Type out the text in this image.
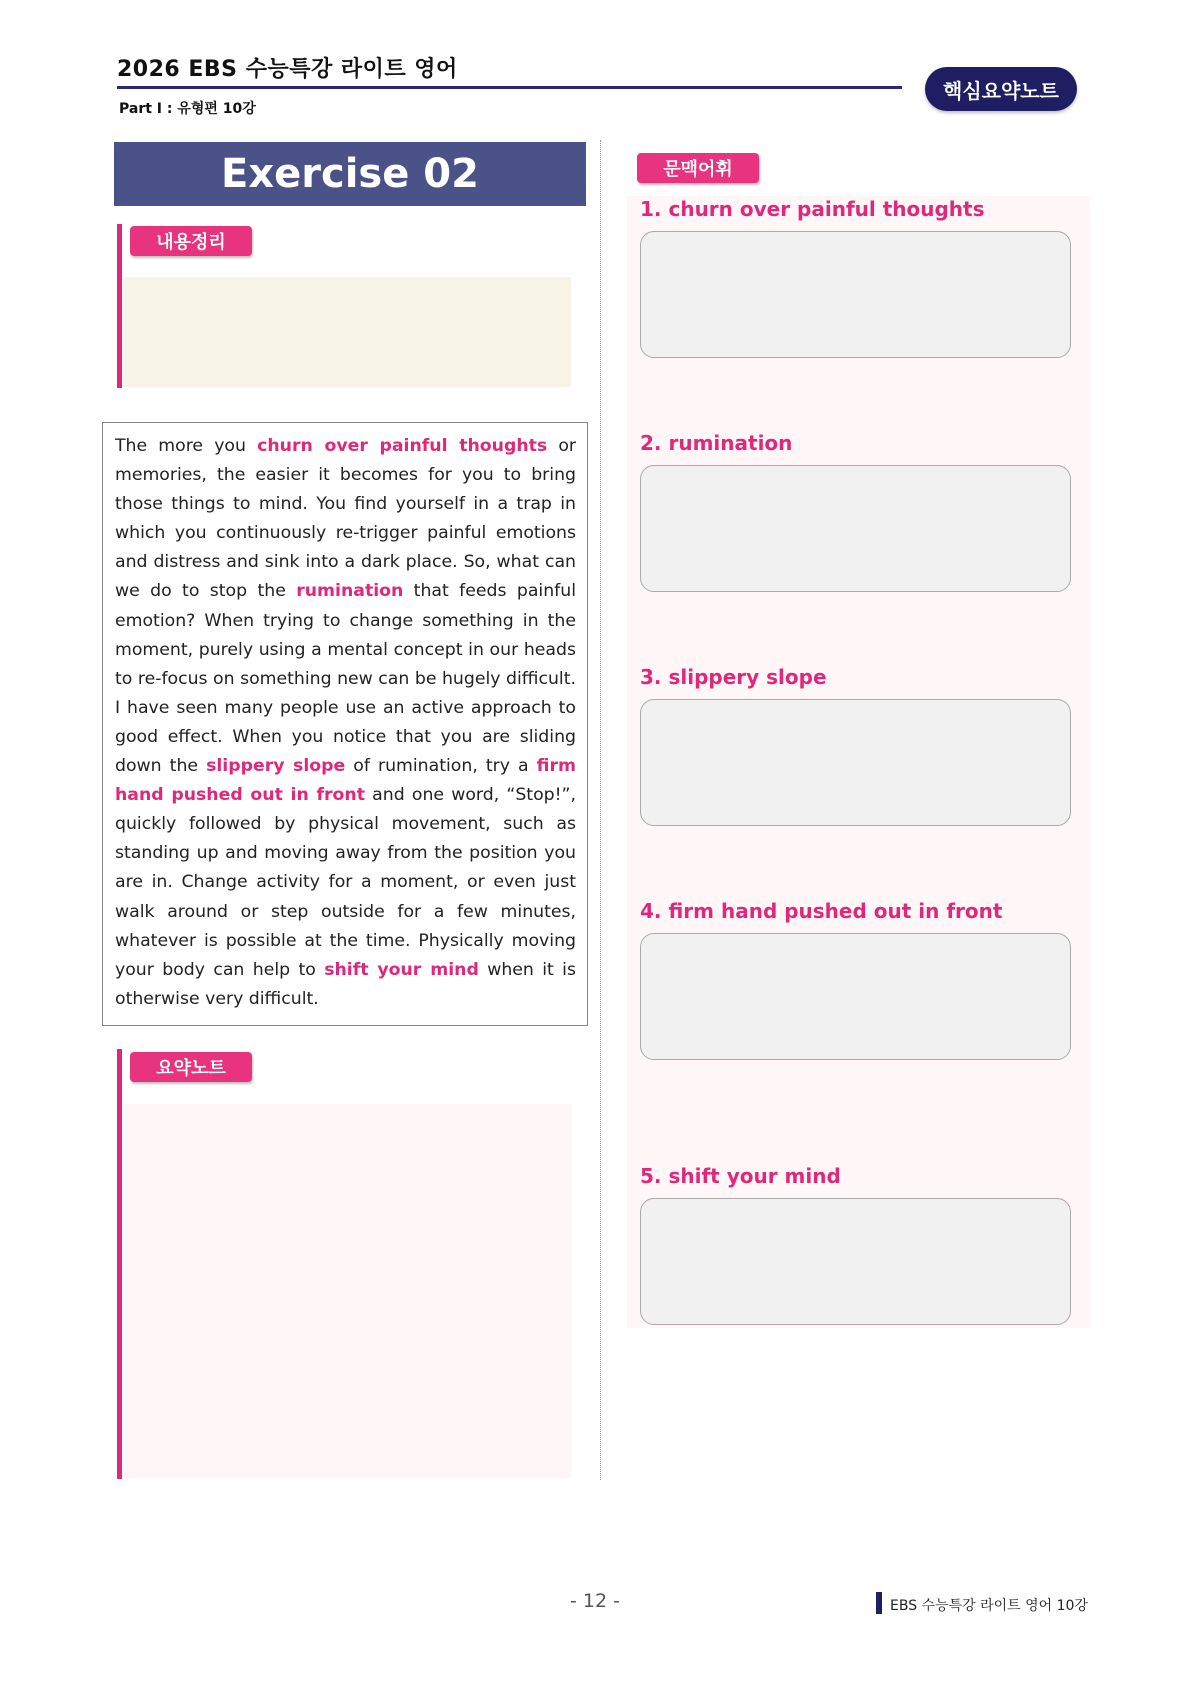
2026 EBS 수능특강 라이트 영어
Part I : 유형편 10강
핵심요약노트
Exercise 02
내용정리

The more you churn over painful thoughts or memories, the easier it becomes for you to bring those things to mind. You find yourself in a trap in which you continuously re-trigger painful emotions and distress and sink into a dark place. So, what can we do to stop the rumination that feeds painful emotion? When trying to change something in the moment, purely using a mental concept in our heads to re-focus on something new can be hugely difficult. I have seen many people use an active approach to good effect. When you notice that you are sliding down the slippery slope of rumination, try a firm hand pushed out in front and one word, “Stop!”, quickly followed by physical movement, such as standing up and moving away from the position you are in. Change activity for a moment, or even just walk around or step outside for a few minutes, whatever is possible at the time. Physically moving your body can help to shift your mind when it is otherwise very difficult.

요약노트
문맥어휘
1. churn over painful thoughts
2. rumination
3. slippery slope
4. firm hand pushed out in front
5. shift your mind
- 12 -	EBS 수능특강 라이트 영어 10강
